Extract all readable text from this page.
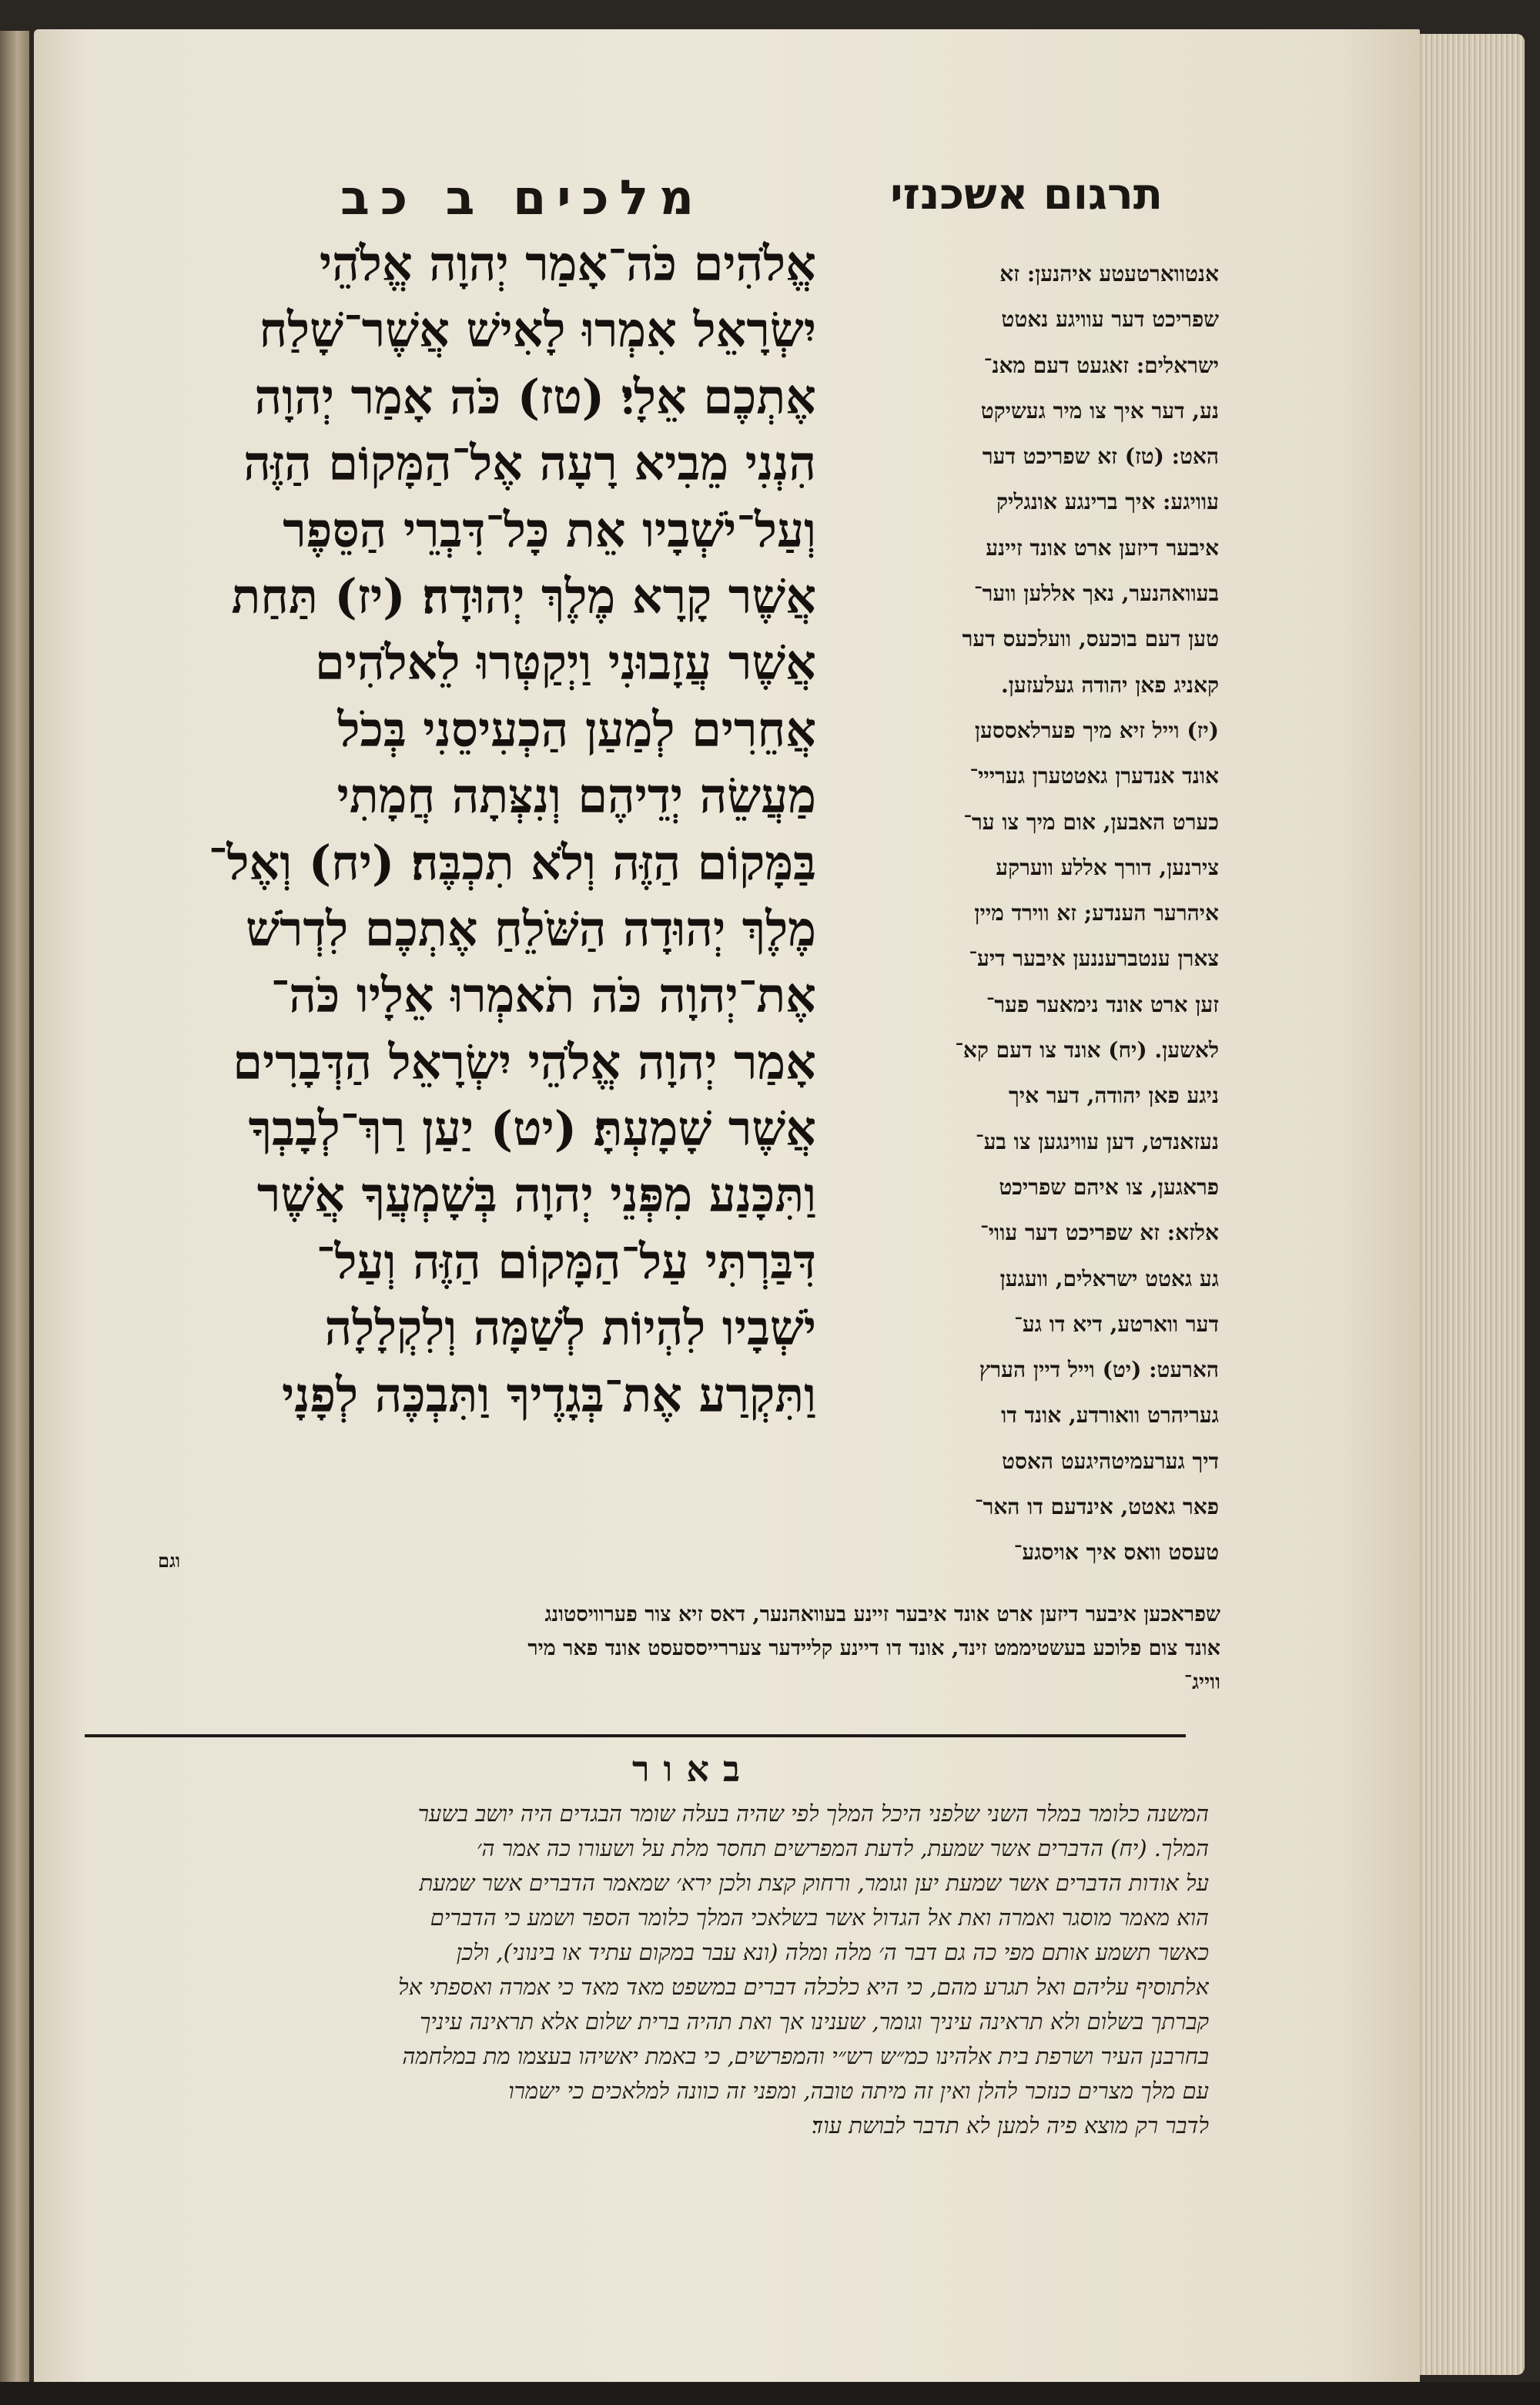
מלכים ב כב	תרגום אשכנזי
אֱלֹהִים כֹּה־אָמַר יְהוָה אֱלֹהֵי
יִשְׂרָאֵל אִמְרוּ לָאִישׁ אֲשֶׁר־שָׁלַח
אֶתְכֶם אֵלָי׃ (טז) כֹּה אָמַר יְהוָה
הִנְנִי מֵבִיא רָעָה אֶל־הַמָּקוֹם הַזֶּה
וְעַל־יֹשְׁבָיו אֵת כָּל־דִּבְרֵי הַסֵּפֶר
אֲשֶׁר קָרָא מֶלֶךְ יְהוּדָה׃ (יז) תַּחַת
אֲשֶׁר עֲזָבוּנִי וַיְקַטְּרוּ לֵאלֹהִים
אֲחֵרִים לְמַעַן הַכְעִיסֵנִי בְּכֹל
מַעֲשֵׂה יְדֵיהֶם וְנִצְּתָה חֲמָתִי
בַּמָּקוֹם הַזֶּה וְלֹא תִכְבֶּה׃ (יח) וְאֶל־
מֶלֶךְ יְהוּדָה הַשֹּׁלֵחַ אֶתְכֶם לִדְרֹשׁ
אֶת־יְהוָה כֹּה תֹאמְרוּ אֵלָיו כֹּה־
אָמַר יְהוָה אֱלֹהֵי יִשְׂרָאֵל הַדְּבָרִים
אֲשֶׁר שָׁמָעְתָּ׃ (יט) יַעַן רַךְ־לְבָבְךָ
וַתִּכָּנַע מִפְּנֵי יְהוָה בְּשָׁמְעֲךָ אֲשֶׁר
דִּבַּרְתִּי עַל־הַמָּקוֹם הַזֶּה וְעַל־
יֹשְׁבָיו לִהְיוֹת לְשַׁמָּה וְלִקְלָלָה
וַתִּקְרַע אֶת־בְּגָדֶיךָ וַתִּבְכֶּה לְפָנָי
אנטווארטעטע איהנען: זא
שפריכט דער עוויגע נאטט
ישראלים: זאגעט דעם מאנ־
נע, דער איך צו מיר געשיקט
האט: (טז) זא שפריכט דער
עוויגע: איך ברינגע אונגליק
איבער דיזען ארט אונד זיינע
בעוואהנער, נאך אללען ווער־
טען דעם בוכעס, וועלכעס דער
קאניג פאן יהודה געלעזען.
(יז) וייל זיא מיך פערלאססען
אונד אנדערן גאטטערן גערייי־
כערט האבען, אום מיך צו ער־
צירנען, דורך אללע ווערקע
איהרער הענדע; זא ווירד מיין
צארן ענטברעננען איבער דיע־
זען ארט אונד נימאער פער־
לאשען. (יח) אונד צו דעם קא־
ניגע פאן יהודה, דער איך
נעזאנדט, דען עווינגען צו בע־
פראגען, צו איהם שפריכט
אלזא: זא שפריכט דער עווי־
גע גאטט ישראלים, וועגען
דער ווארטע, דיא דו גע־
הארעט: (יט) וייל דיין הערץ
געריהרט וואורדע, אונד דו
דיך גערעמיטהיגעט האסט
פאר גאטט, אינדעם דו האר־
טעסט וואס איך אויסגע־
וגם
שפראכען איבער דיזען ארט אונד איבער זיינע בעוואהנער, דאס זיא צור פערוויסטונג
אונד צום פלוכע בעשטיממט זינד, אונד דו דיינע קליידער צעררייססעסט אונד פאר מיר
ווייג־
באור
המשנה כלומר במלר השני שלפני היכל המלך לפי שהיה בעלה שומר הבגדים היה יושב בשער
המלך. (יח) הדברים אשר שמעת, לדעת המפרשים תחסר מלת על ושעורו כה אמר ה׳
על אודות הדברים אשר שמעת יען וגומר, ורחוק קצת ולכן ירא׳ שמאמר הדברים אשר שמעת
הוא מאמר מוסגר ואמרה ואת אל הגדול אשר בשלאכי המלך כלומר הספר ושמע כי הדברים
כאשר תשמע אותם מפי כה גם דבר ה׳ מלה ומלה (ונא עבר במקום עתיד או בינוני), ולכן
אלתוסיף עליהם ואל תגרע מהם, כי היא כלכלה דברים במשפט מאד מאד כי אמרה ואספתי אל
קברתך בשלום ולא תראינה עיניך וגומר, שענינו אך ואת תהיה ברית שלום אלא תראינה עיניך
בחרבנן העיר ושרפת בית אלהינו כמ״ש רש״י והמפרשים, כי באמת יאשיהו בעצמו מת במלחמה
עם מלך מצרים כנזכר להלן ואין זה מיתה טובה, ומפני זה כוונה למלאכים כי ישמרו
לדבר רק מוצא פיה למען לא תדבר לבושת עוד׃
